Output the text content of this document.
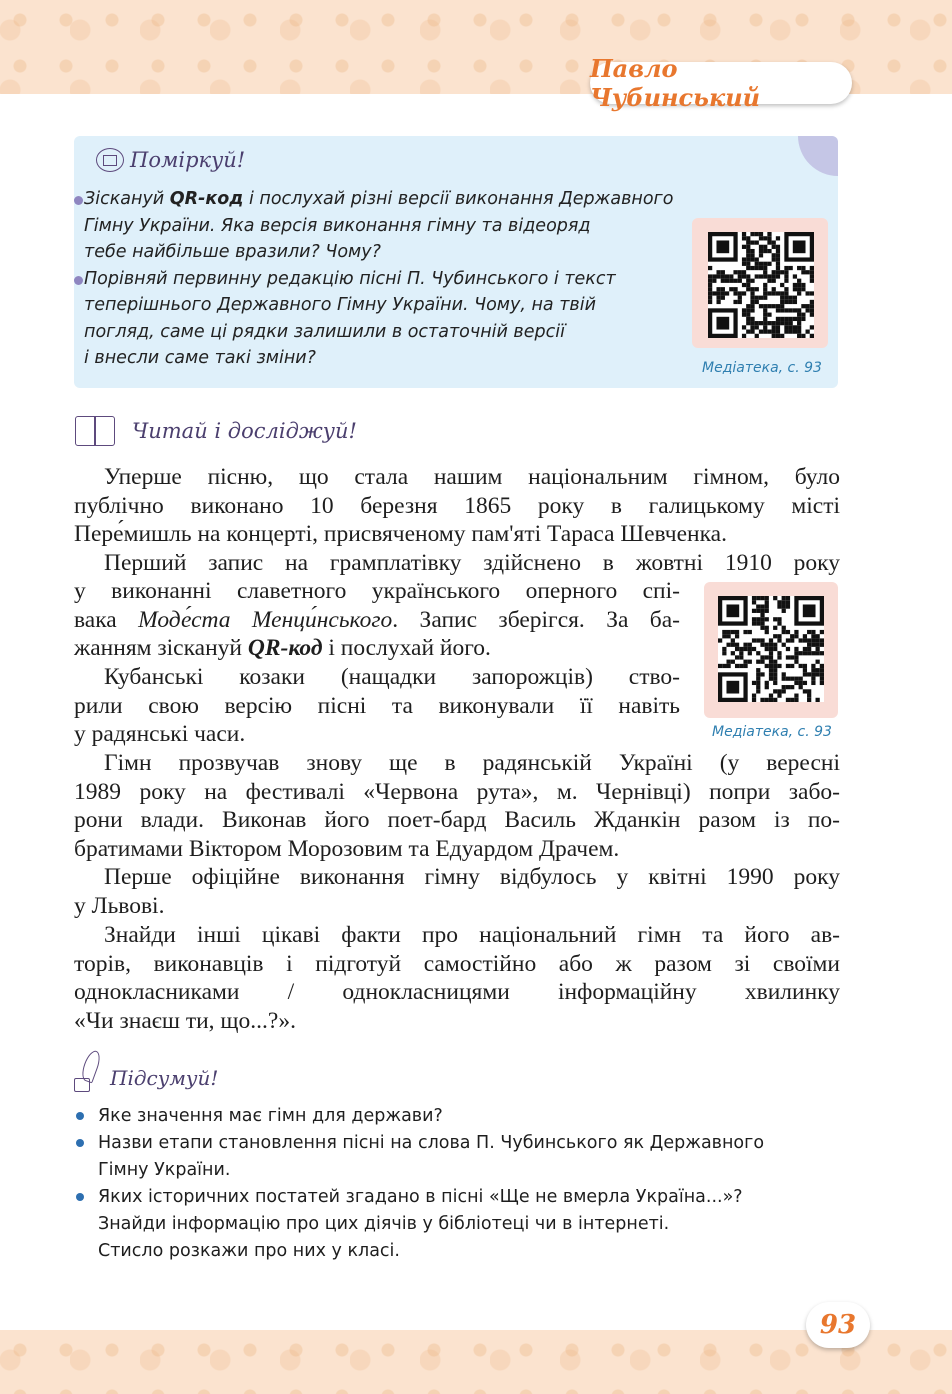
Павло Чубинський
Поміркуй!
Зіскануй QR-код і послухай різні версії виконання Державного
Гімну України. Яка версія виконання гімну та відеоряд
тебе найбільше вразили? Чому?
Порівняй первинну редакцію пісні П. Чубинського і текст
теперішнього Державного Гімну України. Чому, на твій
погляд, саме ці рядки залишили в остаточній версії
і внесли саме такі зміни?	Медіатека, с. 93
Читай і досліджуй!
Уперше пісню, що стала нашим національним гімном, було
публічно виконано 10 березня 1865 року в галицькому місті
Пере́мишль на концерті, присвяченому пам'яті Тараса Шевченка.
Перший запис на грамплатівку здійснено в жовтні 1910 року
у виконанні славетного українського оперного спі-
вака Моде́ста Менци́нського. Запис зберігся. За ба-
жанням зіскануй QR-код і послухай його.
Кубанські козаки (нащадки запорожців) ство-
рили свою версію пісні та виконували її навіть
у радянські часи.	Медіатека, с. 93
Гімн прозвучав знову ще в радянській Україні (у вересні
1989 року на фестивалі «Червона рута», м. Чернівці) попри забо-
рони влади. Виконав його поет-бард Василь Жданкін разом із по-
братимами Віктором Морозовим та Едуардом Драчем.
Перше офіційне виконання гімну відбулось у квітні 1990 року
у Львові.
Знайди інші цікаві факти про національний гімн та його ав-
торів, виконавців і підготуй самостійно або ж разом зі своїми
однокласниками / однокласницями інформаційну хвилинку
«Чи знаєш ти, що...?».
Підсумуй!
Яке значення має гімн для держави?
Назви етапи становлення пісні на слова П. Чубинського як Державного
Гімну України.
Яких історичних постатей згадано в пісні «Ще не вмерла Україна...»?
Знайди інформацію про цих діячів у бібліотеці чи в інтернеті.
Стисло розкажи про них у класі.
93
